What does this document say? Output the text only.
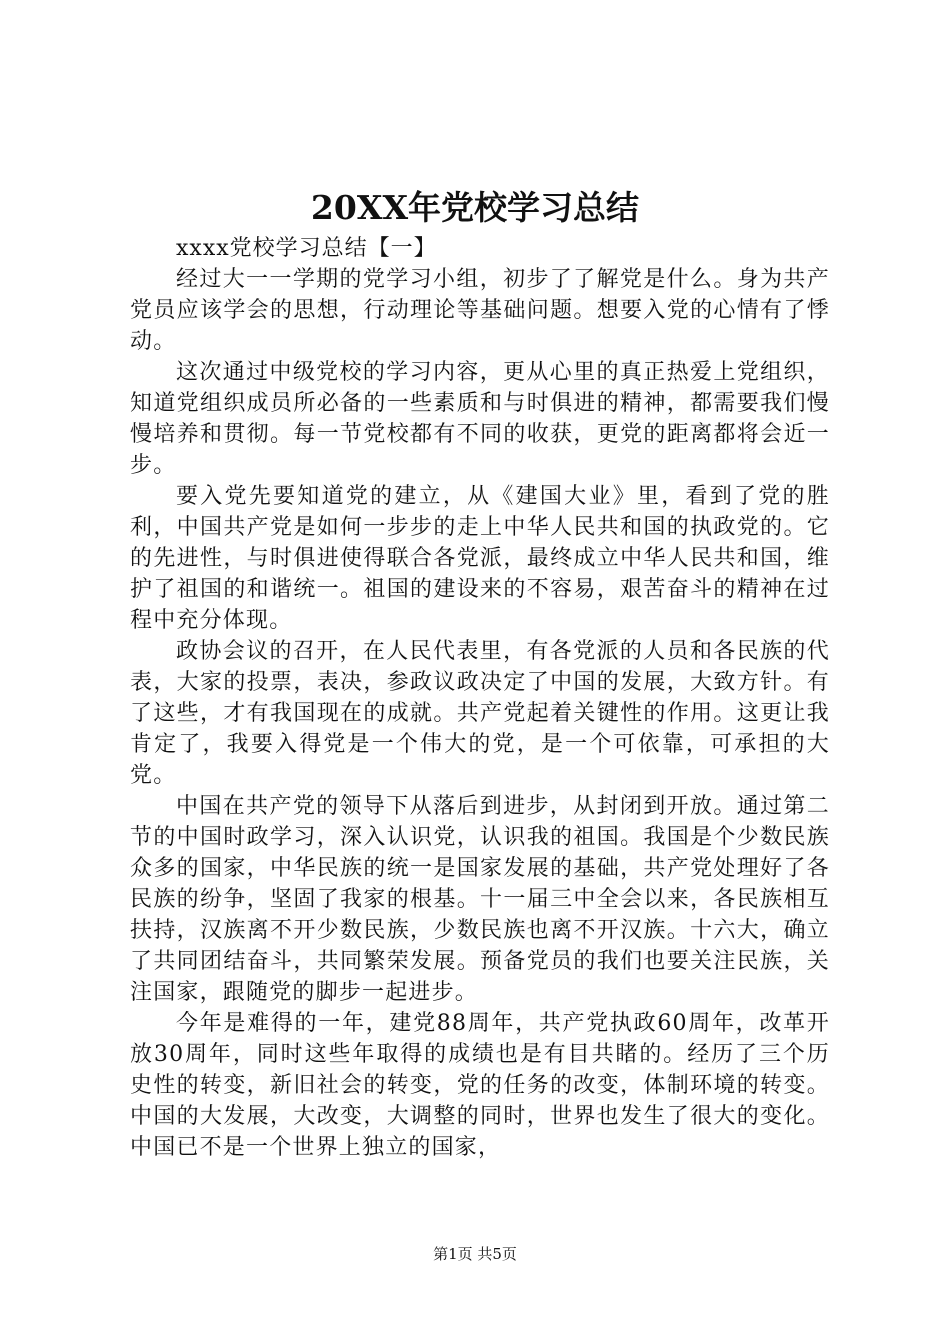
20XX年党校学习总结

xxxx党校学习总结【一】

经过大一一学期的党学习小组，初步了了解党是什么。身为共产党员应该学会的思想，行动理论等基础问题。想要入党的心情有了悸动。

这次通过中级党校的学习内容，更从心里的真正热爱上党组织，知道党组织成员所必备的一些素质和与时俱进的精神，都需要我们慢慢培养和贯彻。每一节党校都有不同的收获，更党的距离都将会近一步。

要入党先要知道党的建立，从《建国大业》里，看到了党的胜利，中国共产党是如何一步步的走上中华人民共和国的执政党的。它的先进性，与时俱进使得联合各党派，最终成立中华人民共和国，维护了祖国的和谐统一。祖国的建设来的不容易，艰苦奋斗的精神在过程中充分体现。

政协会议的召开，在人民代表里，有各党派的人员和各民族的代表，大家的投票，表决，参政议政决定了中国的发展，大致方针。有了这些，才有我国现在的成就。共产党起着关键性的作用。这更让我肯定了，我要入得党是一个伟大的党，是一个可依靠，可承担的大党。

中国在共产党的领导下从落后到进步，从封闭到开放。通过第二节的中国时政学习，深入认识党，认识我的祖国。我国是个少数民族众多的国家，中华民族的统一是国家发展的基础，共产党处理好了各民族的纷争，坚固了我家的根基。十一届三中全会以来，各民族相互扶持，汉族离不开少数民族，少数民族也离不开汉族。十六大，确立了共同团结奋斗，共同繁荣发展。预备党员的我们也要关注民族，关注国家，跟随党的脚步一起进步。

今年是难得的一年，建党88周年，共产党执政60周年，改革开放30周年，同时这些年取得的成绩也是有目共睹的。经历了三个历史性的转变，新旧社会的转变，党的任务的改变，体制环境的转变。中国的大发展，大改变，大调整的同时，世界也发生了很大的变化。中国已不是一个世界上独立的国家，

第1页 共5页
